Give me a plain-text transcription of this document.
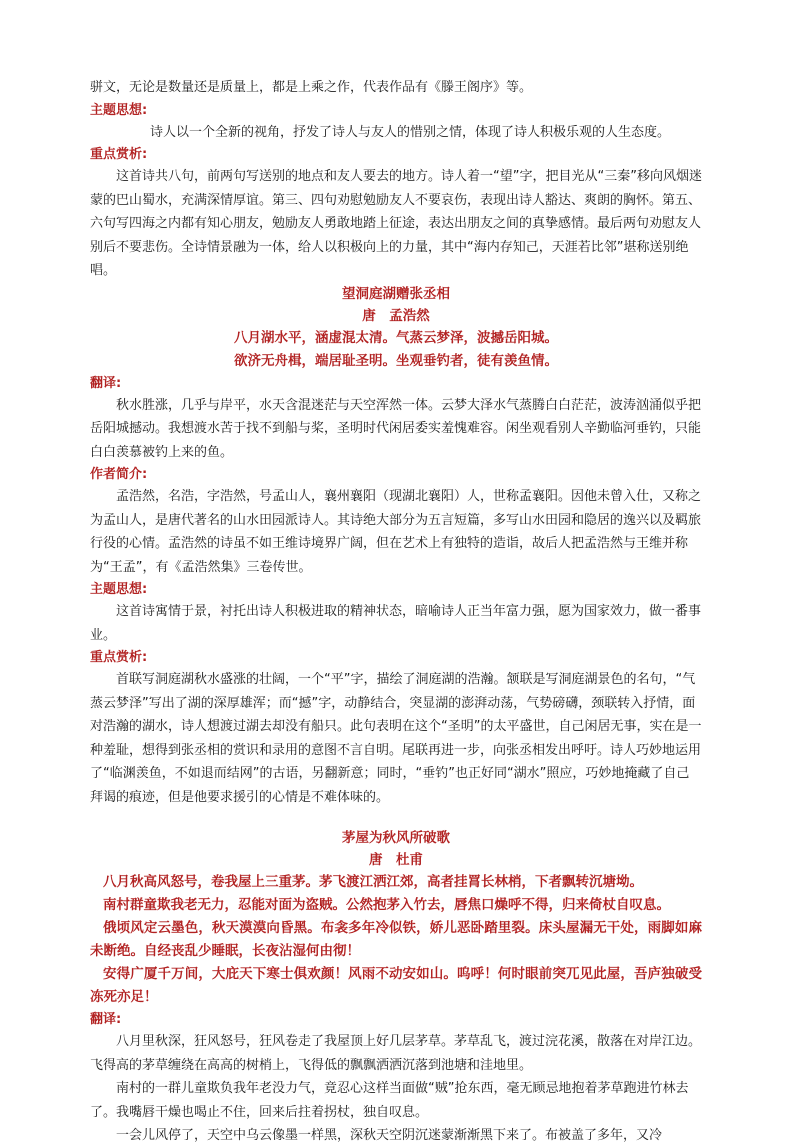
骈文，无论是数量还是质量上，都是上乘之作，代表作品有《滕王阁序》等。

主题思想:

诗人以一个全新的视角，抒发了诗人与友人的惜别之情，体现了诗人积极乐观的人生态度。

重点赏析:

这首诗共八句，前两句写送别的地点和友人要去的地方。诗人着一“望”字，把目光从“三秦”移向风烟迷蒙的巴山蜀水，充满深情厚谊。第三、四句劝慰勉励友人不要哀伤，表现出诗人豁达、爽朗的胸怀。第五、六句写四海之内都有知心朋友，勉励友人勇敢地踏上征途，表达出朋友之间的真挚感情。最后两句劝慰友人别后不要悲伤。全诗情景融为一体，给人以积极向上的力量，其中“海内存知己，天涯若比邻”堪称送别绝唱。

望洞庭湖赠张丞相

唐　孟浩然

八月湖水平，涵虚混太清。气蒸云梦泽，波撼岳阳城。

欲济无舟楫，端居耻圣明。坐观垂钓者，徒有羡鱼情。

翻译:

秋水胜涨，几乎与岸平，水天含混迷茫与天空浑然一体。云梦大泽水气蒸腾白白茫茫，波涛汹涌似乎把岳阳城撼动。我想渡水苦于找不到船与桨，圣明时代闲居委实羞愧难容。闲坐观看别人辛勤临河垂钓，只能白白羡慕被钓上来的鱼。

作者简介:

孟浩然，名浩，字浩然，号孟山人，襄州襄阳（现湖北襄阳）人，世称孟襄阳。因他未曾入仕，又称之为孟山人，是唐代著名的山水田园派诗人。其诗绝大部分为五言短篇，多写山水田园和隐居的逸兴以及羁旅行役的心情。孟浩然的诗虽不如王维诗境界广阔，但在艺术上有独特的造诣，故后人把孟浩然与王维并称为“王孟”，有《孟浩然集》三卷传世。

主题思想:

这首诗寓情于景，衬托出诗人积极进取的精神状态，暗喻诗人正当年富力强，愿为国家效力，做一番事业。

重点赏析:

首联写洞庭湖秋水盛涨的壮阔，一个“平”字，描绘了洞庭湖的浩瀚。颔联是写洞庭湖景色的名句，“气蒸云梦泽”写出了湖的深厚雄浑；而“撼”字，动静结合，突显湖的澎湃动荡，气势磅礴，颈联转入抒情，面对浩瀚的湖水，诗人想渡过湖去却没有船只。此句表明在这个“圣明”的太平盛世，自己闲居无事，实在是一种羞耻，想得到张丞相的赏识和录用的意图不言自明。尾联再进一步，向张丞相发出呼吁。诗人巧妙地运用了“临渊羡鱼，不如退而结网”的古语，另翻新意；同时，“垂钓”也正好同“湖水”照应，巧妙地掩藏了自己拜谒的痕迹，但是他要求援引的心情是不难体味的。

茅屋为秋风所破歌

唐　杜甫

八月秋高风怒号，卷我屋上三重茅。茅飞渡江洒江郊，高者挂罥长林梢，下者飘转沉塘坳。

南村群童欺我老无力，忍能对面为盗贼。公然抱茅入竹去，唇焦口燥呼不得，归来倚杖自叹息。

俄顷风定云墨色，秋天漠漠向昏黑。布衾多年冷似铁，娇儿恶卧踏里裂。床头屋漏无干处，雨脚如麻未断绝。自经丧乱少睡眠，长夜沾湿何由彻！

安得广厦千万间，大庇天下寒士俱欢颜！风雨不动安如山。呜呼！何时眼前突兀见此屋，吾庐独破受冻死亦足！

翻译:

八月里秋深，狂风怒号，狂风卷走了我屋顶上好几层茅草。茅草乱飞，渡过浣花溪，散落在对岸江边。飞得高的茅草缠绕在高高的树梢上，飞得低的飘飘洒洒沉落到池塘和洼地里。

南村的一群儿童欺负我年老没力气，竟忍心这样当面做“贼”抢东西，毫无顾忌地抱着茅草跑进竹林去了。我嘴唇干燥也喝止不住，回来后拄着拐杖，独自叹息。

一会儿风停了，天空中乌云像墨一样黑，深秋天空阴沉迷蒙渐渐黑下来了。布被盖了多年，又冷
